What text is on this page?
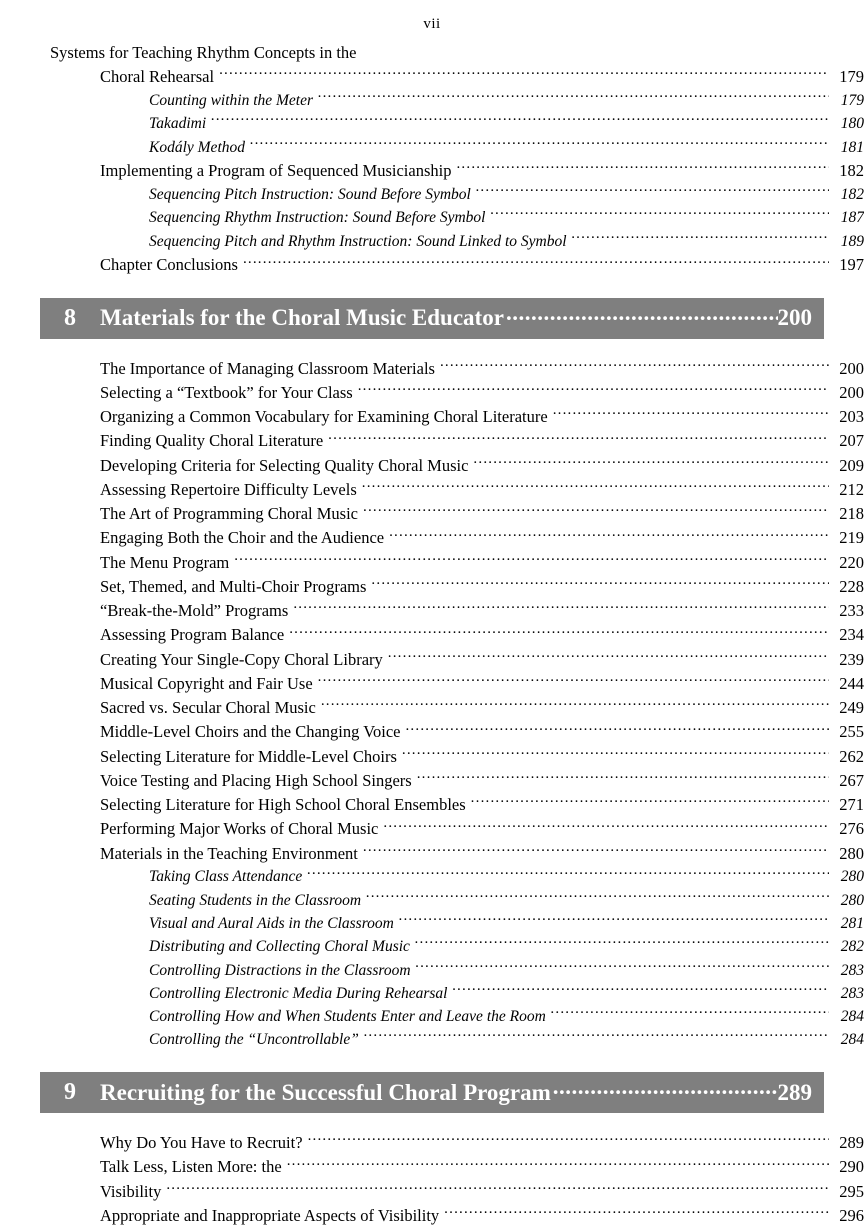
vii
Systems for Teaching Rhythm Concepts in the
Choral Rehearsal .....	179
Counting within the Meter .....	179
Takadimi .....	180
Kodály Method .....	181
Implementing a Program of Sequenced Musicianship .....	182
Sequencing Pitch Instruction: Sound Before Symbol .....	182
Sequencing Rhythm Instruction: Sound Before Symbol .....	187
Sequencing Pitch and Rhythm Instruction: Sound Linked to Symbol .....	189
Chapter Conclusions .....	197
8	Materials for the Choral Music Educator .....	200
The Importance of Managing Classroom Materials .....	200
Selecting a “Textbook” for Your Class .....	200
Organizing a Common Vocabulary for Examining Choral Literature .....	203
Finding Quality Choral Literature .....	207
Developing Criteria for Selecting Quality Choral Music .....	209
Assessing Repertoire Difficulty Levels .....	212
The Art of Programming Choral Music .....	218
Engaging Both the Choir and the Audience .....	219
The Menu Program .....	220
Set, Themed, and Multi-Choir Programs .....	228
“Break-the-Mold” Programs .....	233
Assessing Program Balance .....	234
Creating Your Single-Copy Choral Library .....	239
Musical Copyright and Fair Use .....	244
Sacred vs. Secular Choral Music .....	249
Middle-Level Choirs and the Changing Voice .....	255
Selecting Literature for Middle-Level Choirs .....	262
Voice Testing and Placing High School Singers .....	267
Selecting Literature for High School Choral Ensembles .....	271
Performing Major Works of Choral Music .....	276
Materials in the Teaching Environment .....	280
Taking Class Attendance .....	280
Seating Students in the Classroom .....	280
Visual and Aural Aids in the Classroom .....	281
Distributing and Collecting Choral Music .....	282
Controlling Distractions in the Classroom .....	283
Controlling Electronic Media During Rehearsal .....	283
Controlling How and When Students Enter and Leave the Room .....	284
Controlling the “Uncontrollable” .....	284
9	Recruiting for the Successful Choral Program .....	289
Why Do You Have to Recruit? .....	289
Talk Less, Listen More: the .....	290
Visibility .....	295
Appropriate and Inappropriate Aspects of Visibility .....	296
